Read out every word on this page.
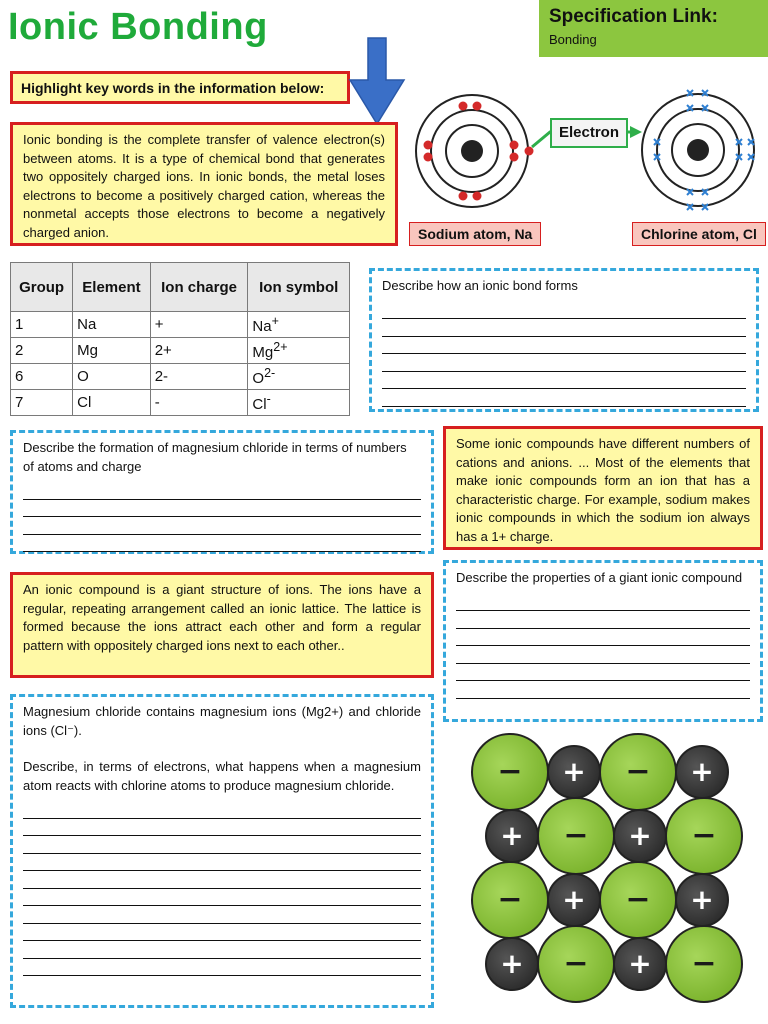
Ionic Bonding	Specification Link:
Bonding
Highlight key words in the information below:
Ionic bonding is the complete transfer of valence electron(s) between atoms. It is a type of chemical bond that generates two oppositely charged ions. In ionic bonds, the metal loses electrons to become a positively charged cation, whereas the nonmetal accepts those electrons to become a negatively charged anion.
Electron
Sodium atom, Na	Chlorine atom, Cl
Group	Element	Ion charge	Ion symbol
1	Na	+	Na+
2	Mg	2+	$Mg^{2+}$
6	O	2-	$O^{2-}$
7	Cl	-	Cl-
Describe how an ionic bond forms
Describe the formation of magnesium chloride in terms of numbers of atoms and charge
Some ionic compounds have different numbers of cations and anions. ... Most of the elements that make ionic compounds form an ion that has a characteristic charge. For example, sodium makes ionic compounds in which the sodium ion always has a 1+ charge.
An ionic compound is a giant structure of ions. The ions have a regular, repeating arrangement called an ionic lattice. The lattice is formed because the ions attract each other and form a regular pattern with oppositely charged ions next to each other..
Describe the properties of a giant ionic compound
Magnesium chloride contains magnesium ions (Mg2+) and chloride ions (Cl⁻).
Describe, in terms of electrons, what happens when a magnesium atom reacts with chlorine atoms to produce magnesium chloride.	− + − +
+ − + −
− + − +
+ − + −
